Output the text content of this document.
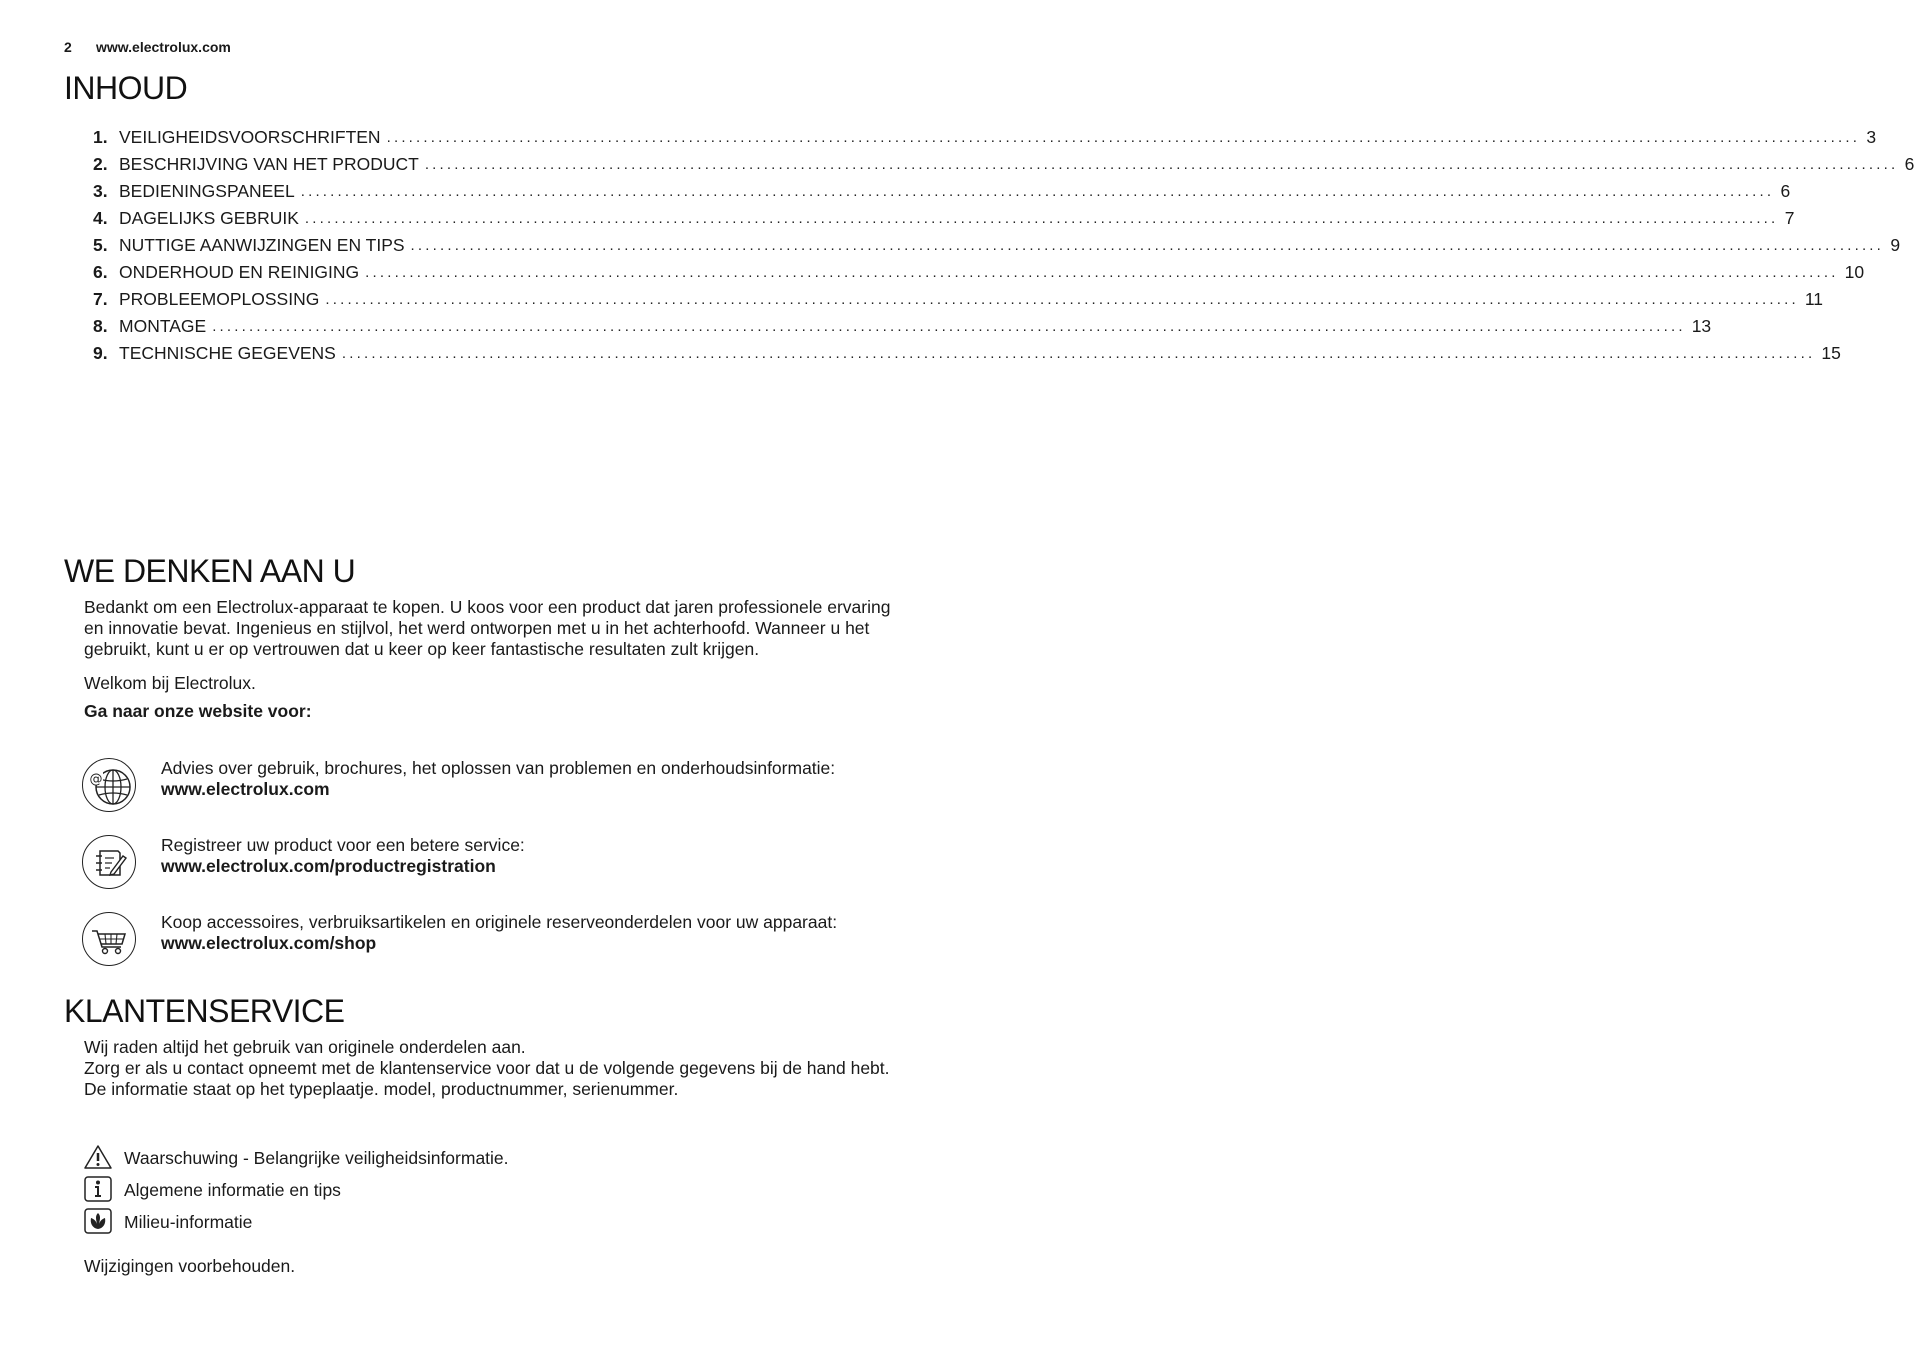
2 www.electrolux.com
INHOUD
1. VEILIGHEIDSVOORSCHRIFTEN ........................................................................................................................................................................................................ 3
2. BESCHRIJVING VAN HET PRODUCT ........................................................................................................................................................................................................ 6
3. BEDIENINGSPANEEL ........................................................................................................................................................................................................ 6
4. DAGELIJKS GEBRUIK ........................................................................................................................................................................................................ 7
5. NUTTIGE AANWIJZINGEN EN TIPS ........................................................................................................................................................................................................ 9
6. ONDERHOUD EN REINIGING ........................................................................................................................................................................................................ 10
7. PROBLEEMOPLOSSING ........................................................................................................................................................................................................ 11
8. MONTAGE ........................................................................................................................................................................................................ 13
9. TECHNISCHE GEGEVENS ........................................................................................................................................................................................................ 15
WE DENKEN AAN U

Bedankt om een Electrolux-apparaat te kopen. U koos voor een product dat jaren professionele ervaring en innovatie bevat. Ingenieus en stijlvol, het werd ontworpen met u in het achterhoofd. Wanneer u het gebruikt, kunt u er op vertrouwen dat u keer op keer fantastische resultaten zult krijgen.

Welkom bij Electrolux.

Ga naar onze website voor:

@
Advies over gebruik, brochures, het oplossen van problemen en onderhoudsinformatie:
www.electrolux.com
Registreer uw product voor een betere service:
www.electrolux.com/productregistration
Koop accessoires, verbruiksartikelen en originele reserveonderdelen voor uw apparaat:
www.electrolux.com/shop
KLANTENSERVICE

Wij raden altijd het gebruik van originele onderdelen aan.

Zorg er als u contact opneemt met de klantenservice voor dat u de volgende gegevens bij de hand hebt.

De informatie staat op het typeplaatje. model, productnummer, serienummer.

Waarschuwing - Belangrijke veiligheidsinformatie.
Algemene informatie en tips
Milieu-informatie

Wijzigingen voorbehouden.
